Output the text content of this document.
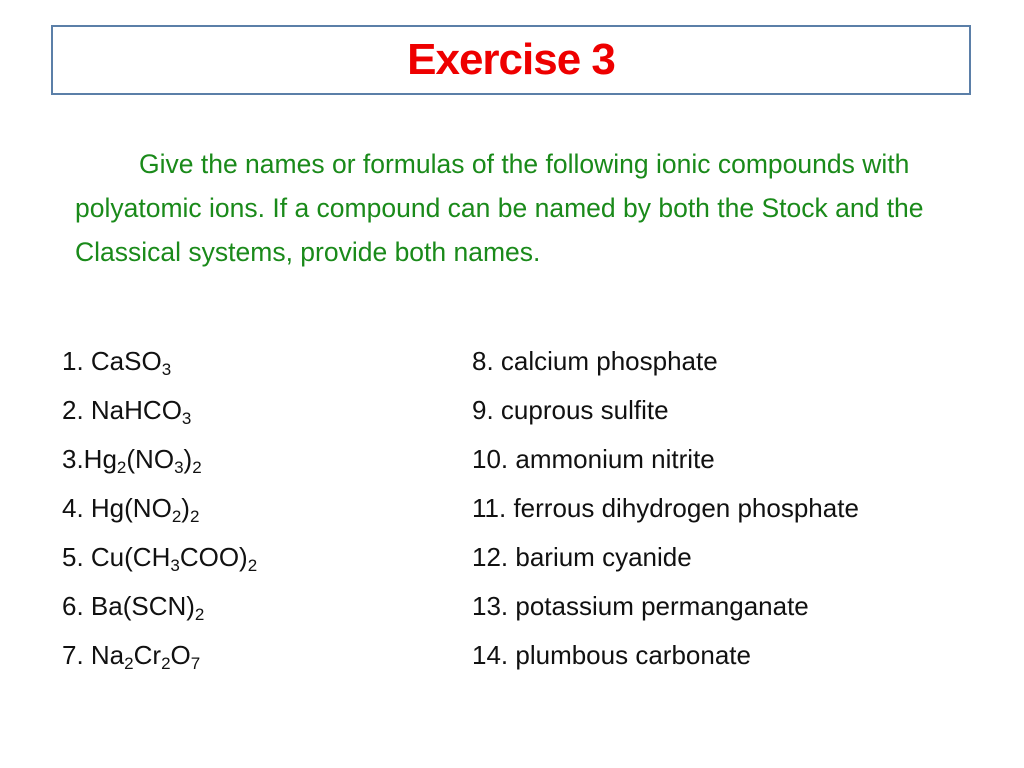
Exercise 3

Give the names or formulas of the following ionic compounds with polyatomic ions. If a compound can be named by both the Stock and the Classical systems, provide both names.

1. CaSO$_3$
2. NaHCO$_3$
$3.Hg_2(NO_3)_2$
4. $Hg(NO_2)_2$
5. $Cu(CH_3COO)_2$
6. $Ba(SCN)_2$
7. $Na_2Cr_2O_7$
8. calcium phosphate
9. cuprous sulfite
10. ammonium nitrite
11. ferrous dihydrogen phosphate
12. barium cyanide
13. potassium permanganate
14. plumbous carbonate
